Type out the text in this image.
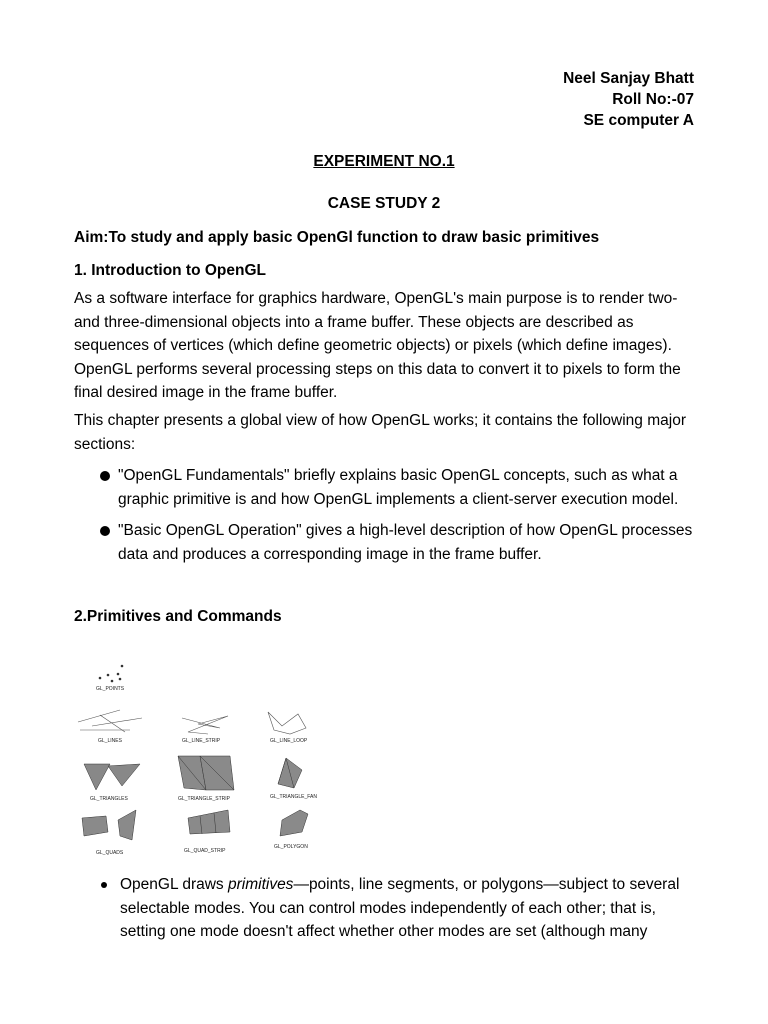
Neel Sanjay Bhatt
Roll No:-07
SE computer A
EXPERIMENT NO.1
CASE STUDY 2
Aim:To study and apply basic OpenGl function to draw basic primitives
1. Introduction to OpenGL
As a software interface for graphics hardware, OpenGL's main purpose is to render two- and three-dimensional objects into a frame buffer. These objects are described as sequences of vertices (which define geometric objects) or pixels (which define images). OpenGL performs several processing steps on this data to convert it to pixels to form the final desired image in the frame buffer.
This chapter presents a global view of how OpenGL works; it contains the following major sections:
"OpenGL Fundamentals" briefly explains basic OpenGL concepts, such as what a graphic primitive is and how OpenGL implements a client-server execution model.
"Basic OpenGL Operation" gives a high-level description of how OpenGL processes data and produces a corresponding image in the frame buffer.
2.Primitives and Commands
GL_POINTS
GL_LINES	GL_LINE_STRIP	GL_LINE_LOOP
GL_TRIANGLES	GL_TRIANGLE_STRIP	GL_TRIANGLE_FAN
GL_QUADS	GL_QUAD_STRIP
GL_POLYGON
OpenGL draws primitives—points, line segments, or polygons—subject to several selectable modes. You can control modes independently of each other; that is, setting one mode doesn't affect whether other modes are set (although many
